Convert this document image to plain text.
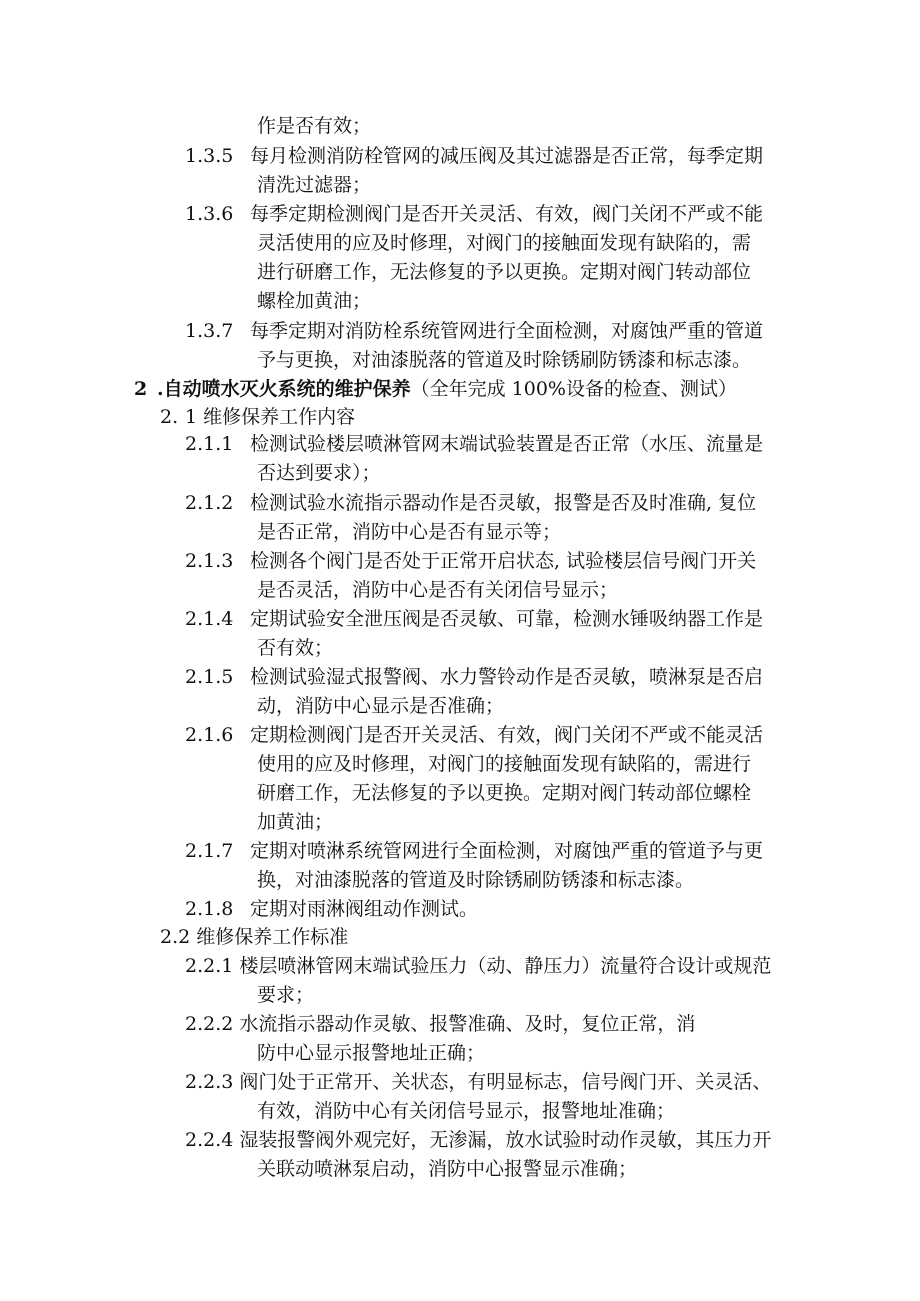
作是否有效；
1.3.5 每月检测消防栓管网的减压阀及其过滤器是否正常，每季定期
清洗过滤器；
1.3.6 每季定期检测阀门是否开关灵活、有效，阀门关闭不严或不能
灵活使用的应及时修理，对阀门的接触面发现有缺陷的，需
进行研磨工作，无法修复的予以更换。定期对阀门转动部位
螺栓加黄油；
1.3.7 每季定期对消防栓系统管网进行全面检测，对腐蚀严重的管道
予与更换，对油漆脱落的管道及时除锈刷防锈漆和标志漆。
2 .自动喷水灭火系统的维护保养（全年完成 100%设备的检查、测试）
2. 1 维修保养工作内容
2.1.1 检测试验楼层喷淋管网末端试验装置是否正常（水压、流量是
否达到要求）；
2.1.2 检测试验水流指示器动作是否灵敏，报警是否及时准确, 复位
是否正常，消防中心是否有显示等；
2.1.3 检测各个阀门是否处于正常开启状态, 试验楼层信号阀门开关
是否灵活，消防中心是否有关闭信号显示；
2.1.4 定期试验安全泄压阀是否灵敏、可靠，检测水锤吸纳器工作是
否有效；
2.1.5 检测试验湿式报警阀、水力警铃动作是否灵敏，喷淋泵是否启
动，消防中心显示是否准确；
2.1.6 定期检测阀门是否开关灵活、有效，阀门关闭不严或不能灵活
使用的应及时修理，对阀门的接触面发现有缺陷的，需进行
研磨工作，无法修复的予以更换。定期对阀门转动部位螺栓
加黄油；
2.1.7 定期对喷淋系统管网进行全面检测，对腐蚀严重的管道予与更
换，对油漆脱落的管道及时除锈刷防锈漆和标志漆。
2.1.8 定期对雨淋阀组动作测试。
2.2 维修保养工作标准
2.2.1 楼层喷淋管网末端试验压力（动、静压力）流量符合设计或规范
要求；
2.2.2 水流指示器动作灵敏、报警准确、及时，复位正常，消
防中心显示报警地址正确；
2.2.3 阀门处于正常开、关状态，有明显标志，信号阀门开、关灵活、
有效，消防中心有关闭信号显示，报警地址准确；
2.2.4 湿装报警阀外观完好，无渗漏，放水试验时动作灵敏，其压力开
关联动喷淋泵启动，消防中心报警显示准确；
